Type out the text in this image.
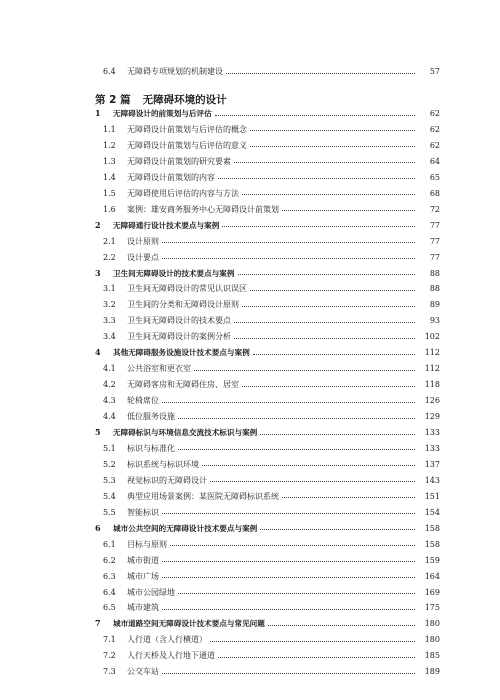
第 2 篇 无障碍环境的设计
6.4	无障碍专项规划的机制建设	57
1	无障碍设计的前策划与后评估	62
1.1	无障碍设计前策划与后评估的概念	62
1.2	无障碍设计前策划与后评估的意义	62
1.3	无障碍设计前策划的研究要素	64
1.4	无障碍设计前策划的内容	65
1.5	无障碍使用后评估的内容与方法	68
1.6	案例：雄安商务服务中心无障碍设计前策划	72
2	无障碍通行设计技术要点与案例	77
2.1	设计原则	77
2.2	设计要点	77
3	卫生间无障碍设计的技术要点与案例	88
3.1	卫生间无障碍设计的常见认识误区	88
3.2	卫生间的分类和无障碍设计原则	89
3.3	卫生间无障碍设计的技术要点	93
3.4	卫生间无障碍设计的案例分析	102
4	其他无障碍服务设施设计技术要点与案例	112
4.1	公共浴室和更衣室	112
4.2	无障碍客房和无障碍住房、居室	118
4.3	轮椅席位	126
4.4	低位服务设施	129
5	无障碍标识与环境信息交流技术标识与案例	133
5.1	标识与标准化	133
5.2	标识系统与标识环境	137
5.3	视觉标识的无障碍设计	143
5.4	典型应用场景案例：某医院无障碍标识系统	151
5.5	智能标识	154
6	城市公共空间的无障碍设计技术要点与案例	158
6.1	目标与原则	158
6.2	城市街道	159
6.3	城市广场	164
6.4	城市公园绿地	169
6.5	城市建筑	175
7	城市道路空间无障碍设计技术要点与常见问题	180
7.1	人行道（含人行横道）	180
7.2	人行天桥及人行地下通道	185
7.3	公交车站	189
